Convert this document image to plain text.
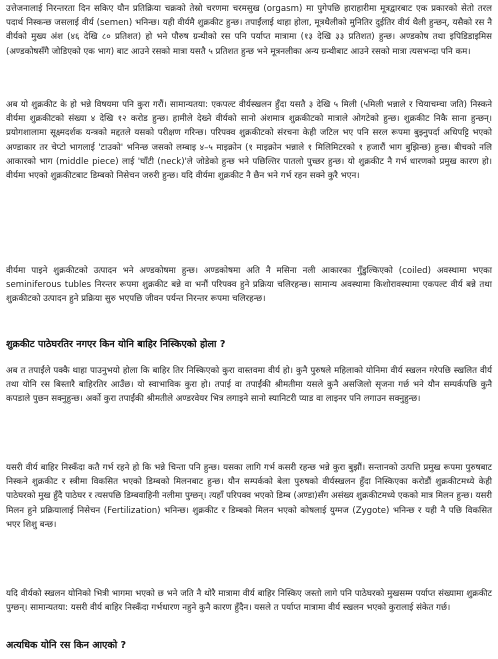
उत्तेजनालाई निरन्तरता दिन सकिए यौन प्रतिक्रिया चक्रको तेस्रो चरणमा चरमसुख (orgasm) मा पुगेपछि हाराहारीमा मूत्रद्वारबाट एक प्रकारको सेतो तरल पदार्थ निस्कन्छ जसलाई वीर्य (semen) भनिन्छ। यही वीर्यमै शुक्रकीट हुन्छ। तपाईंलाई थाहा होला, मूत्रथैलीको मुनितिर दुईतिर वीर्य थैली हुन्छन्, यसैको रस नै वीर्यको मुख्य अंश (४६ देखि ८० प्रतिशत) हो भने पौरुष ग्रन्थीको रस पनि पर्याप्त मात्रामा (१३ देखि ३३ प्रतिशत) हुन्छ। अण्डकोष तथा इपिडिडाइमिस (अण्डकोषसँगै जोडिएको एक भाग) बाट आउने रसको मात्रा यसतै ५ प्रतिशत हुन्छ भने मूत्रनलीका अन्य ग्रन्थीबाट आउने रसको मात्रा त्यसभन्दा पनि कम।

अब यो शुक्रकीट के हो भन्ने विषयमा पनि कुरा गरौं। सामान्यतया: एकपल्ट वीर्यस्खलन हुँदा यसतै ३ देखि ५ मिली (५मिली भन्नाले र चियाचम्चा जति) निस्कने वीर्यमा शुक्रकीटको संख्या ४ देखि १२ करोड हुन्छ। हामीले देख्ने वीर्यको सानो अंशमात्र शुक्रकीटको मात्राले ओगटेको हुन्छ। शुक्रकीट निकै साना हुन्छन्। प्रयोगशालामा सूक्ष्मदर्शक यन्त्रको मद्दतले यसको परीक्षण गरिन्छ। परिपक्व शुक्रकीटको संरचना केही जटिल भए पनि सरल रूपमा बुझ्नुपर्दा अधिपट्टि भएको अण्डाकार तर चेप्टो भागलाई 'टाउको' भनिन्छ जसको लम्बाइ ४–५ माइक्रोन (१ माइक्रोन भन्नाले १ मिलिमिटरको १ हजारौं भाग बुझिन्छ) हुन्छ। बीचको नलि आकारको भाग (middle piece) लाई 'घाँटी (neck)'ले जोडेको हुन्छ भने पछिल्तिर पातलो पुच्छर हुन्छ। यो शुक्रकीट नै गर्भ धारणको प्रमुख कारण हो। वीर्यमा भएको शुक्रकीटबाट डिम्बको निसेचन जरुरी हुन्छ। यदि वीर्यमा शुक्रकीट नै छैन भने गर्भ रहन सक्ने कुरै भएन।

वीर्यमा पाइने शुक्रकीटको उत्पादन भने अण्डकोषमा हुन्छ। अण्डकोषमा अति नै मसिना नली आकारका गुँडुल्किएको (coiled) अवस्थामा भएका seminiferous tubles निरन्तर रूपमा शुक्रकीट बन्ने वा भनौं परिपक्व हुने प्रक्रिया चलिरहन्छ। सामान्य अवस्थामा किशोरावस्थामा एकपल्ट वीर्य बन्ने तथा शुक्रकीटको उत्पादन हुने प्रक्रिया सुरु भएपछि जीवन पर्यन्त निरन्तर रूपमा चलिरहन्छ।

शुक्रकीट पाठेघरतिर नगएर किन योनि बाहिर निस्किएको होला ?

अब त तपाईंले पक्कै थाहा पाउनुभयो होला कि बाहिर तिर निस्किएको कुरा वास्तवमा वीर्य हो। कुनै पुरुषले महिलाको योनिमा वीर्य स्खलन गरेपछि स्खलित वीर्य तथा योनि रस बिस्तारै बाहिरतिर आउँछ। यो स्वाभाविक कुरा हो। तपाई वा तपाईंकी श्रीमतीमा यसले कुनै असजिलो सृजना गर्छ भने यौन सम्पर्कपछि कुनै कपडाले पुछन सक्नुहुन्छ। अर्को कुरा तपाईंकी श्रीमतीले अण्डरवेयर भित्र लगाइने सानो स्यानिटरी प्याड वा लाइनर पनि लगाउन सक्नुहुन्छ।

यसरी वीर्य बाहिर निस्कँदा कतै गर्भ रहने हो कि भन्ने चिन्ता पनि हुन्छ। यसका लागि गर्भ कसरी रहन्छ भन्ने कुरा बुझौं। सन्तानको उत्पत्ति प्रमुख रूपमा पुरुषबाट निस्कने शुक्रकीट र स्त्रीमा विकसित भएको डिम्बको मिलनबाट हुन्छ। यौन सम्पर्कको बेला पुरुषको वीर्यस्खलन हुँदा निस्किएका करोडौं शुक्रकीटमध्ये केही पाठेघरको मुख हुँदै पाठेघर र त्यसपछि डिम्बवाहिनी नलीमा पुग्छन्। त्यहाँ परिपक्व भएको डिम्ब (अण्डा)सँग असंख्य शुक्रकीटमध्ये एकको मात्र मिलन हुन्छ। यसरी मिलन हुने प्रक्रियालाई निसेचन (Fertilization) भनिन्छ। शुक्रकीट र डिम्बको मिलन भएको कोषलाई युग्मज (Zygote) भनिन्छ र यही नै पछि विकसित भएर शिशु बन्छ।

यदि वीर्यको स्खलन योनिको भित्री भागमा भएको छ भने जति नै थोरै मात्रामा वीर्य बाहिर निस्किए जस्तो लागे पनि पाठेघरको मुखसम्म पर्याप्त संख्यामा शुक्रकीट पुग्छन्। सामान्यतया: यसरी वीर्य बाहिर निस्कँदा गर्भधारण नहुने कुनै कारण हुँदैन। यसले त पर्याप्त मात्रामा वीर्य स्खलन भएको कुरालाई संकेत गर्छ।

अत्यधिक योनि रस किन आएको ?
